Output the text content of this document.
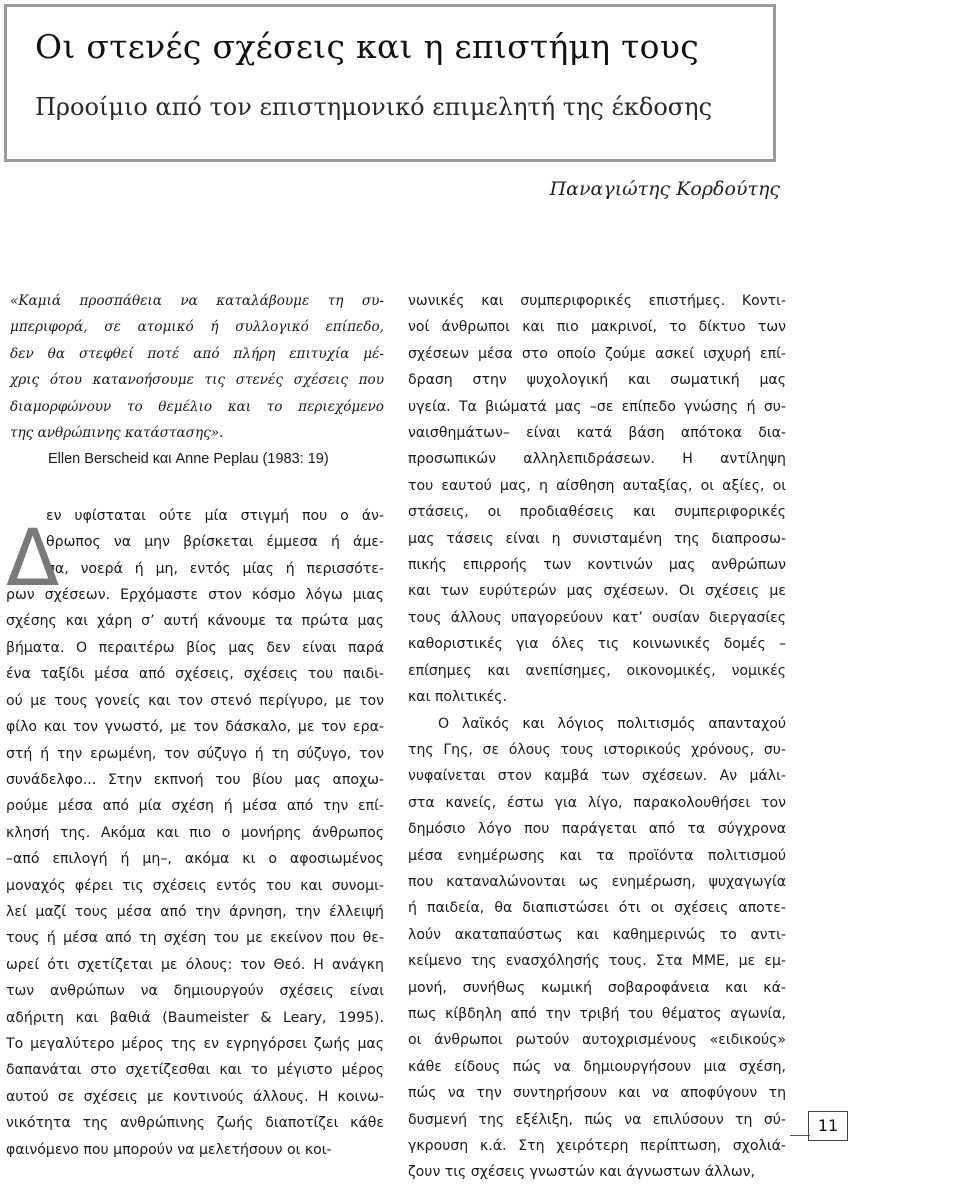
Οι στενές σχέσεις και η επιστήμη τους
Προοίμιο από τον επιστημονικό επιμελητή της έκδοσης
Παναγιώτης Κορδούτης
«Καμιά προσπάθεια να καταλάβουμε τη συ-
μπεριφορά, σε ατομικό ή συλλογικό επίπεδο,
δεν θα στεφθεί ποτέ από πλήρη επιτυχία μέ-
χρις ότου κατανοήσουμε τις στενές σχέσεις που
διαμορφώνουν το θεμέλιο και το περιεχόμενο
της ανθρώπινης κατάστασης».
Ellen Berscheid και Anne Peplau (1983: 19)
Δ
εν υφίσταται ούτε μία στιγμή που ο άν-
θρωπος να μην βρίσκεται έμμεσα ή άμε-
σα, νοερά ή μη, εντός μίας ή περισσότε-
ρων σχέσεων. Ερχόμαστε στον κόσμο λόγω μιας
σχέσης και χάρη σ’ αυτή κάνουμε τα πρώτα μας
βήματα. Ο περαιτέρω βίος μας δεν είναι παρά
ένα ταξίδι μέσα από σχέσεις, σχέσεις του παιδι-
ού με τους γονείς και τον στενό περίγυρο, με τον
φίλο και τον γνωστό, με τον δάσκαλο, με τον ερα-
στή ή την ερωμένη, τον σύζυγο ή τη σύζυγο, τον
συνάδελφο... Στην εκπνοή του βίου μας αποχω-
ρούμε μέσα από μία σχέση ή μέσα από την επί-
κλησή της. Ακόμα και πιο ο μονήρης άνθρωπος
–από επιλογή ή μη–, ακόμα κι ο αφοσιωμένος
μοναχός φέρει τις σχέσεις εντός του και συνομι-
λεί μαζί τους μέσα από την άρνηση, την έλλειψή
τους ή μέσα από τη σχέση του με εκείνον που θε-
ωρεί ότι σχετίζεται με όλους: τον Θεό. Η ανάγκη
των ανθρώπων να δημιουργούν σχέσεις είναι
αδήριτη και βαθιά (Baumeister & Leary, 1995).
Το μεγαλύτερο μέρος της εν εγρηγόρσει ζωής μας
δαπανάται στο σχετίζεσθαι και το μέγιστο μέρος
αυτού σε σχέσεις με κοντινούς άλλους. Η κοινω-
νικότητα της ανθρώπινης ζωής διαποτίζει κάθε
φαινόμενο που μπορούν να μελετήσουν οι κοι-
νωνικές και συμπεριφορικές επιστήμες. Κοντι-
νοί άνθρωποι και πιο μακρινοί, το δίκτυο των
σχέσεων μέσα στο οποίο ζούμε ασκεί ισχυρή επί-
δραση στην ψυχολογική και σωματική μας
υγεία. Τα βιώματά μας –σε επίπεδο γνώσης ή συ-
ναισθημάτων– είναι κατά βάση απότοκα δια-
προσωπικών αλληλεπιδράσεων. Η αντίληψη
του εαυτού μας, η αίσθηση αυταξίας, οι αξίες, οι
στάσεις, οι προδιαθέσεις και συμπεριφορικές
μας τάσεις είναι η συνισταμένη της διαπροσω-
πικής επιρροής των κοντινών μας ανθρώπων
και των ευρύτερών μας σχέσεων. Οι σχέσεις με
τους άλλους υπαγορεύουν κατ’ ουσίαν διεργασίες
καθοριστικές για όλες τις κοινωνικές δομές –
επίσημες και ανεπίσημες, οικονομικές, νομικές
και πολιτικές.
Ο λαϊκός και λόγιος πολιτισμός απανταχού
της Γης, σε όλους τους ιστορικούς χρόνους, συ-
νυφαίνεται στον καμβά των σχέσεων. Αν μάλι-
στα κανείς, έστω για λίγο, παρακολουθήσει τον
δημόσιο λόγο που παράγεται από τα σύγχρονα
μέσα ενημέρωσης και τα προϊόντα πολιτισμού
που καταναλώνονται ως ενημέρωση, ψυχαγωγία
ή παιδεία, θα διαπιστώσει ότι οι σχέσεις αποτε-
λούν ακαταπαύστως και καθημερινώς το αντι-
κείμενο της ενασχόλησής τους. Στα ΜΜΕ, με εμ-
μονή, συνήθως κωμική σοβαροφάνεια και κά-
πως κίβδηλη από την τριβή του θέματος αγωνία,
οι άνθρωποι ρωτούν αυτοχρισμένους «ειδικούς»
κάθε είδους πώς να δημιουργήσουν μια σχέση,
πώς να την συντηρήσουν και να αποφύγουν τη
δυσμενή της εξέλιξη, πώς να επιλύσουν τη σύ-
γκρουση κ.ά. Στη χειρότερη περίπτωση, σχολιά-
ζουν τις σχέσεις γνωστών και άγνωστων άλλων,
11
